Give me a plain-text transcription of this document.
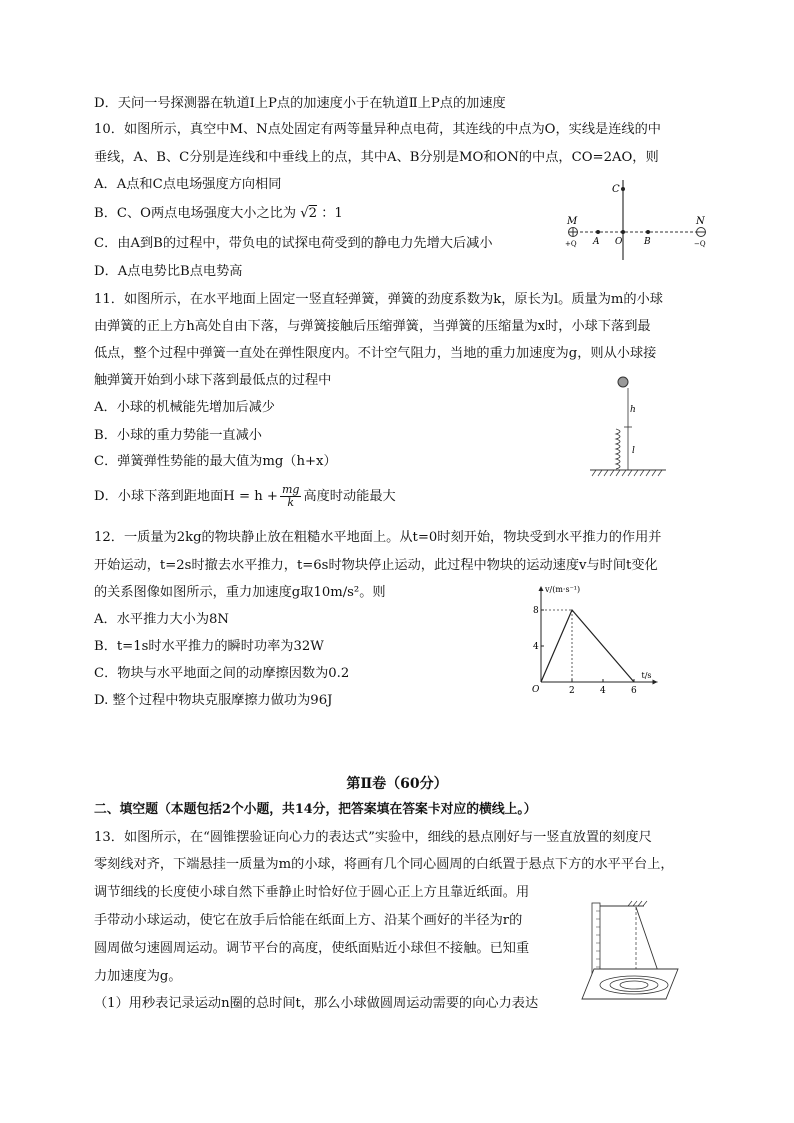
D．天问一号探测器在轨道Ⅰ上P点的加速度小于在轨道Ⅱ上P点的加速度
10．如图所示，真空中M、N点处固定有两等量异种点电荷，其连线的中点为O，实线是连线的中
垂线，A、B、C分别是连线和中垂线上的点，其中A、B分别是MO和ON的中点，CO=2AO，则
A．A点和C点电场强度方向相同
B．C、O两点电场强度大小之比为 √2 ：1
C．由A到B的过程中，带负电的试探电荷受到的静电力先增大后减小
D．A点电势比B点电势高
C
M	N
A O B
+Q	−Q
11．如图所示，在水平地面上固定一竖直轻弹簧，弹簧的劲度系数为k，原长为l。质量为m的小球
由弹簧的正上方h高处自由下落，与弹簧接触后压缩弹簧，当弹簧的压缩量为x时，小球下落到最
低点，整个过程中弹簧一直处在弹性限度内。不计空气阻力，当地的重力加速度为g，则从小球接
触弹簧开始到小球下落到最低点的过程中
A．小球的机械能先增加后减少
B．小球的重力势能一直减小
C．弹簧弹性势能的最大值为mg（h+x）
D．小球下落到距地面$H = h + \frac{mg}{k}$ 高度时动能最大
h
l
12．一质量为2kg的物块静止放在粗糙水平地面上。从t=0时刻开始，物块受到水平推力的作用并
开始运动，t=2s时撤去水平推力，t=6s时物块停止运动，此过程中物块的运动速度v与时间t变化
的关系图像如图所示，重力加速度g取10m/s²。则
A．水平推力大小为8N
B．t=1s时水平推力的瞬时功率为32W
C．物块与水平地面之间的动摩擦因数为0.2
D. 整个过程中物块克服摩擦力做功为96J
v/(m·s⁻¹)
t/s
O	2	4	6
4
8
第Ⅱ卷（60分）
二、填空题（本题包括2个小题，共14分，把答案填在答案卡对应的横线上。）
13．如图所示，在“圆锥摆验证向心力的表达式”实验中，细线的悬点刚好与一竖直放置的刻度尺
零刻线对齐，下端悬挂一质量为m的小球，将画有几个同心圆周的白纸置于悬点下方的水平平台上，
调节细线的长度使小球自然下垂静止时恰好位于圆心正上方且靠近纸面。用
手带动小球运动，使它在放手后恰能在纸面上方、沿某个画好的半径为r的
圆周做匀速圆周运动。调节平台的高度，使纸面贴近小球但不接触。已知重
力加速度为g。
（1）用秒表记录运动n圈的总时间t，那么小球做圆周运动需要的向心力表达
